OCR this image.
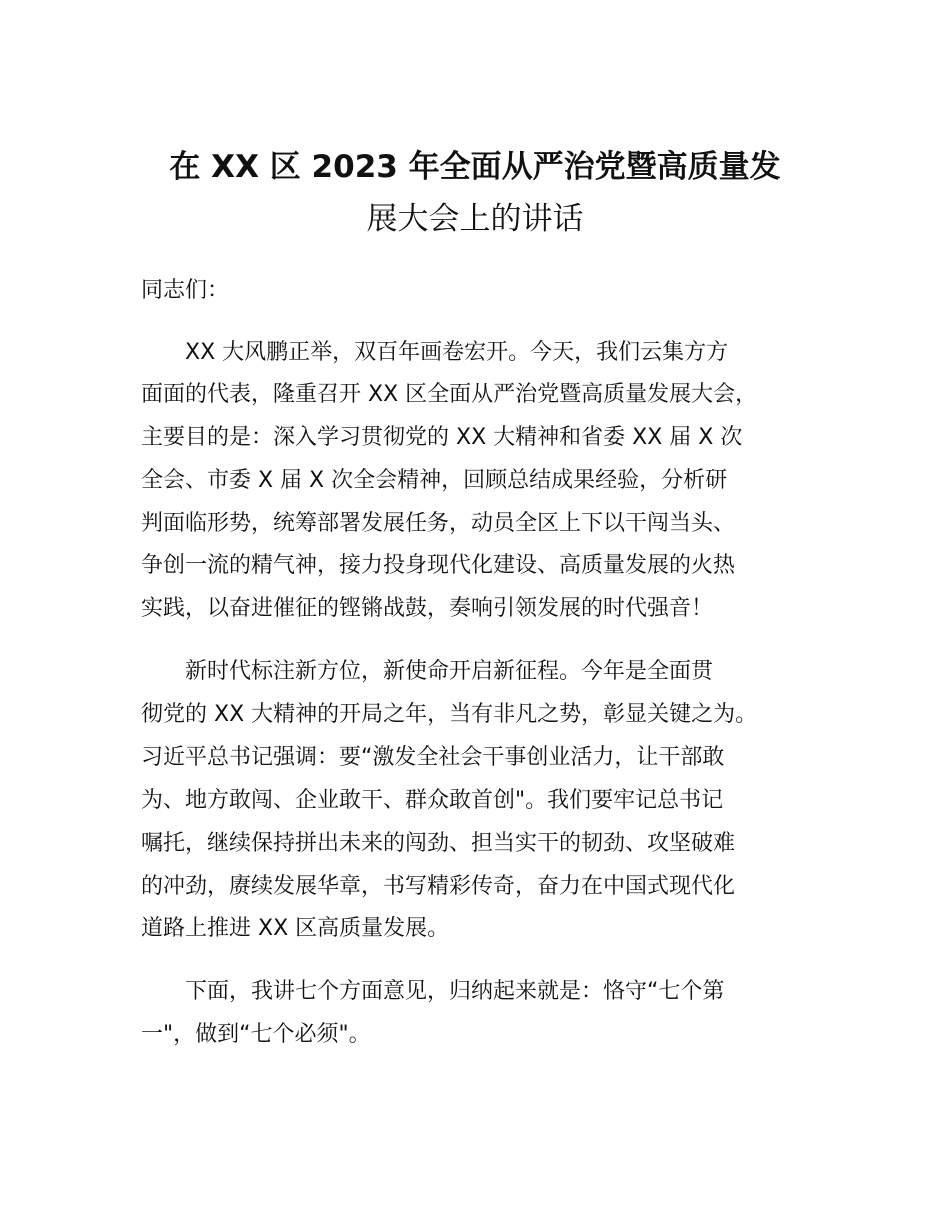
在 XX 区 2023 年全面从严治党暨高质量发
展大会上的讲话

同志们：

　　XX 大风鹏正举，双百年画卷宏开。今天，我们云集方方

面面的代表，隆重召开 XX 区全面从严治党暨高质量发展大会，

主要目的是：深入学习贯彻党的 XX 大精神和省委 XX 届 X 次

全会、市委 X 届 X 次全会精神，回顾总结成果经验，分析研

判面临形势，统筹部署发展任务，动员全区上下以干闯当头、

争创一流的精气神，接力投身现代化建设、高质量发展的火热

实践，以奋进催征的铿锵战鼓，奏响引领发展的时代强音！

　　新时代标注新方位，新使命开启新征程。今年是全面贯

彻党的 XX 大精神的开局之年，当有非凡之势，彰显关键之为。

习近平总书记强调：要“激发全社会干事创业活力，让干部敢

为、地方敢闯、企业敢干、群众敢首创"。我们要牢记总书记

嘱托，继续保持拼出未来的闯劲、担当实干的韧劲、攻坚破难

的冲劲，赓续发展华章，书写精彩传奇，奋力在中国式现代化

道路上推进 XX 区高质量发展。

　　下面，我讲七个方面意见，归纳起来就是：恪守“七个第

一"，做到“七个必须"。
